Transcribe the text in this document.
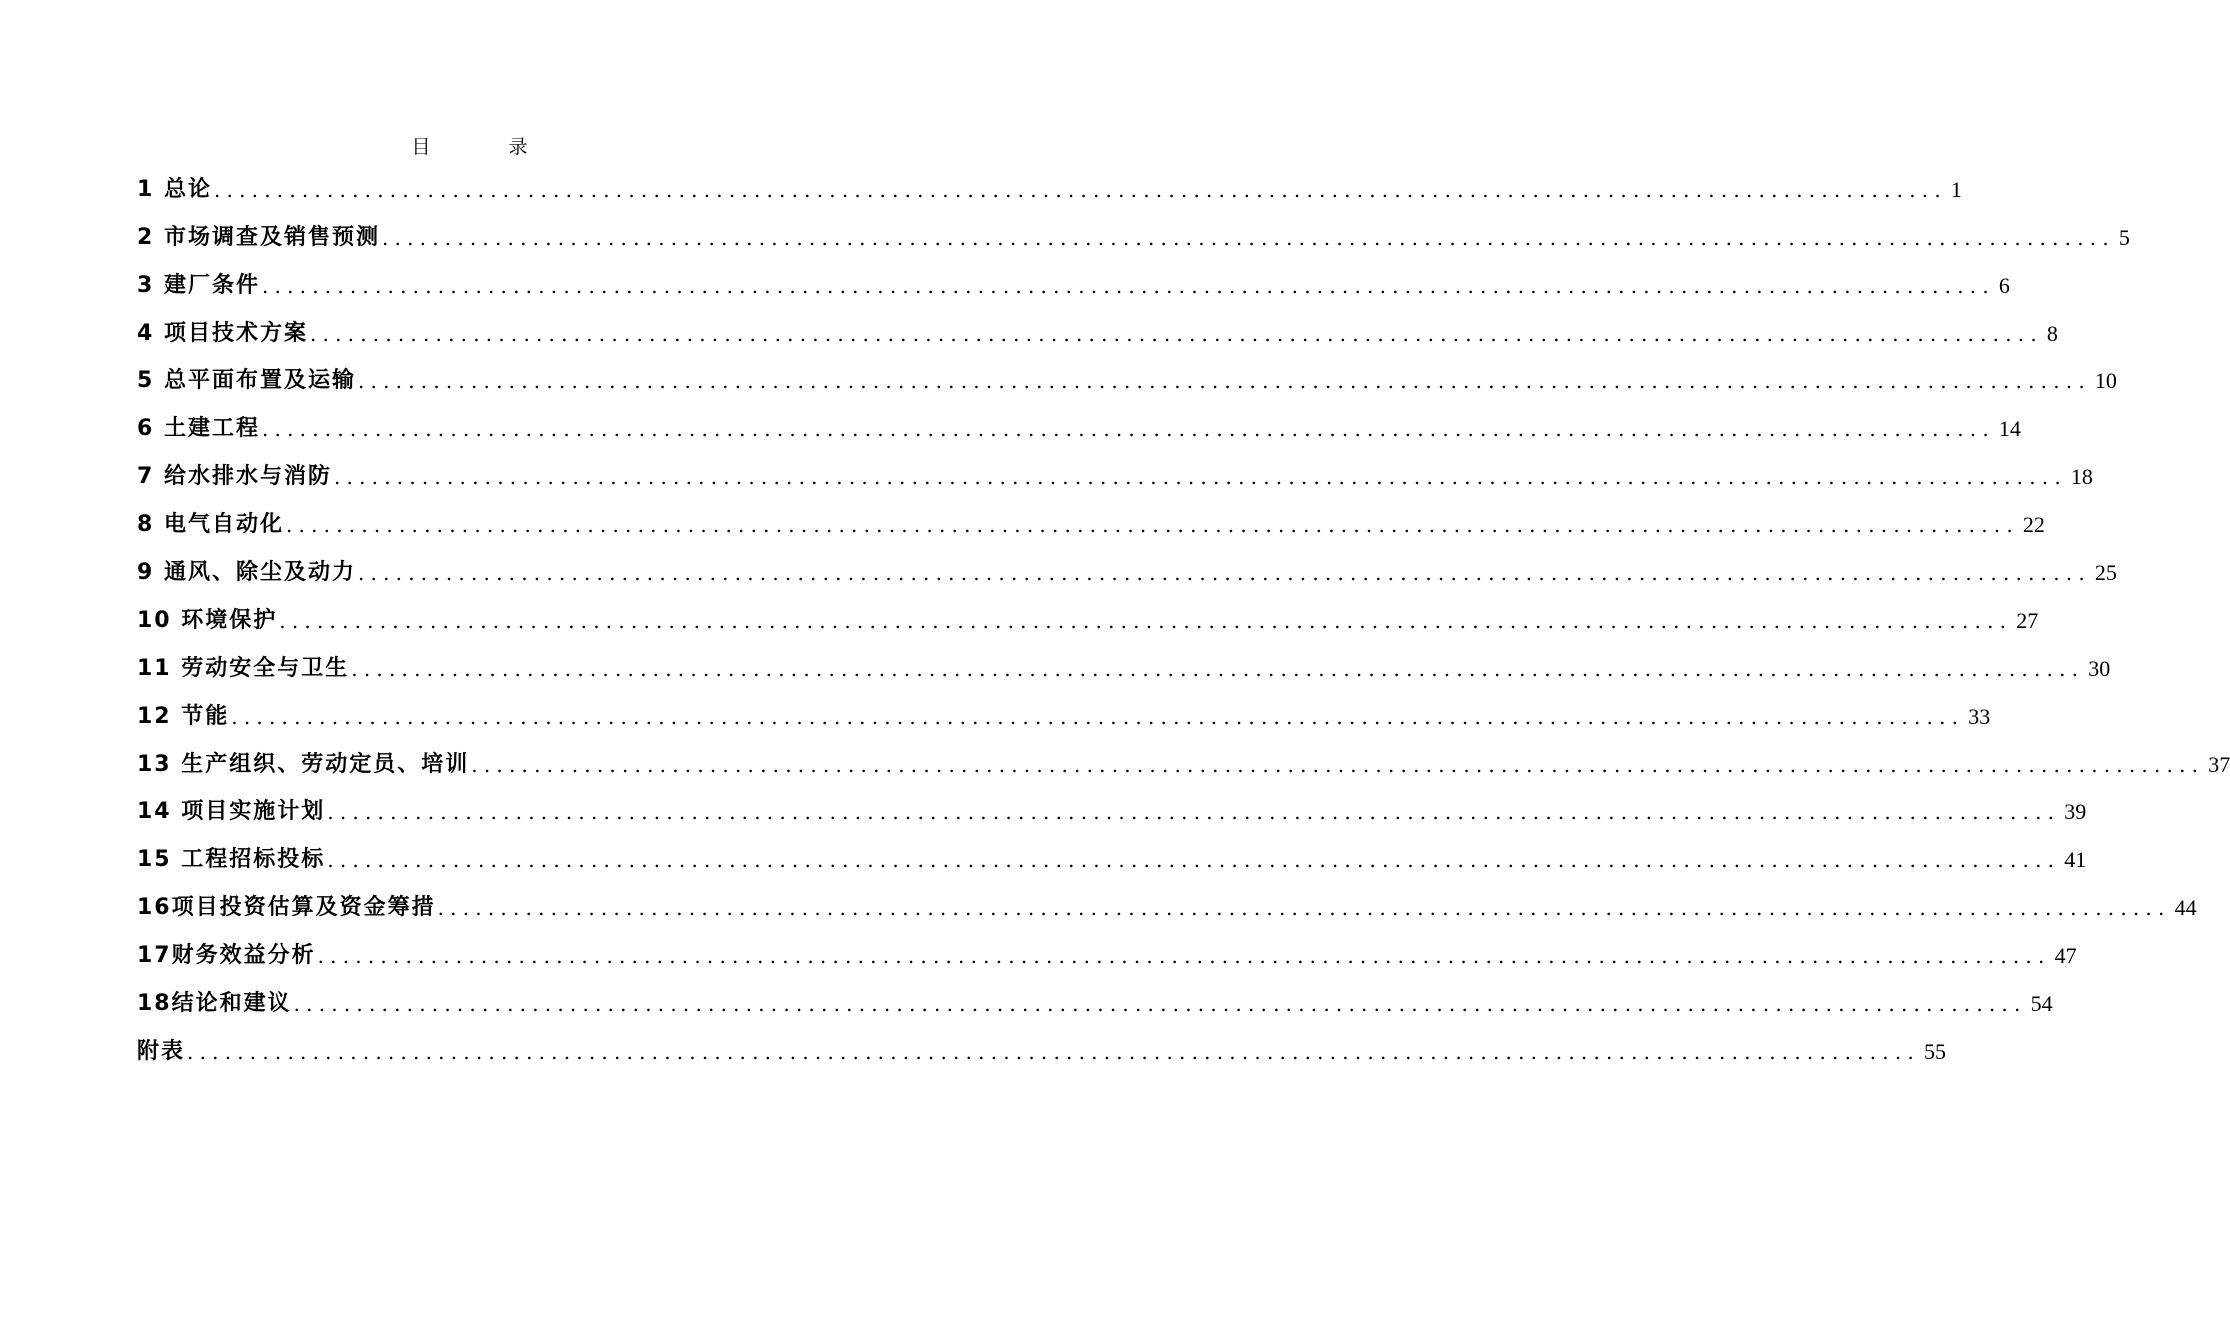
目 录
1 总论 .......................................................................................................................................... 1
2 市场调查及销售预测 .......................................................................................................................................... 5
3 建厂条件 .......................................................................................................................................... 6
4 项目技术方案 .......................................................................................................................................... 8
5 总平面布置及运输 .......................................................................................................................................... 10
6 土建工程 .......................................................................................................................................... 14
7 给水排水与消防 .......................................................................................................................................... 18
8 电气自动化 .......................................................................................................................................... 22
9 通风、除尘及动力 .......................................................................................................................................... 25
10 环境保护 .......................................................................................................................................... 27
11 劳动安全与卫生 .......................................................................................................................................... 30
12 节能 .......................................................................................................................................... 33
13 生产组织、劳动定员、培训 .......................................................................................................................................... 37
14 项目实施计划 .......................................................................................................................................... 39
15 工程招标投标 .......................................................................................................................................... 41
16项目投资估算及资金筹措 .......................................................................................................................................... 44
17财务效益分析 .......................................................................................................................................... 47
18结论和建议 .......................................................................................................................................... 54
附表 .......................................................................................................................................... 55
